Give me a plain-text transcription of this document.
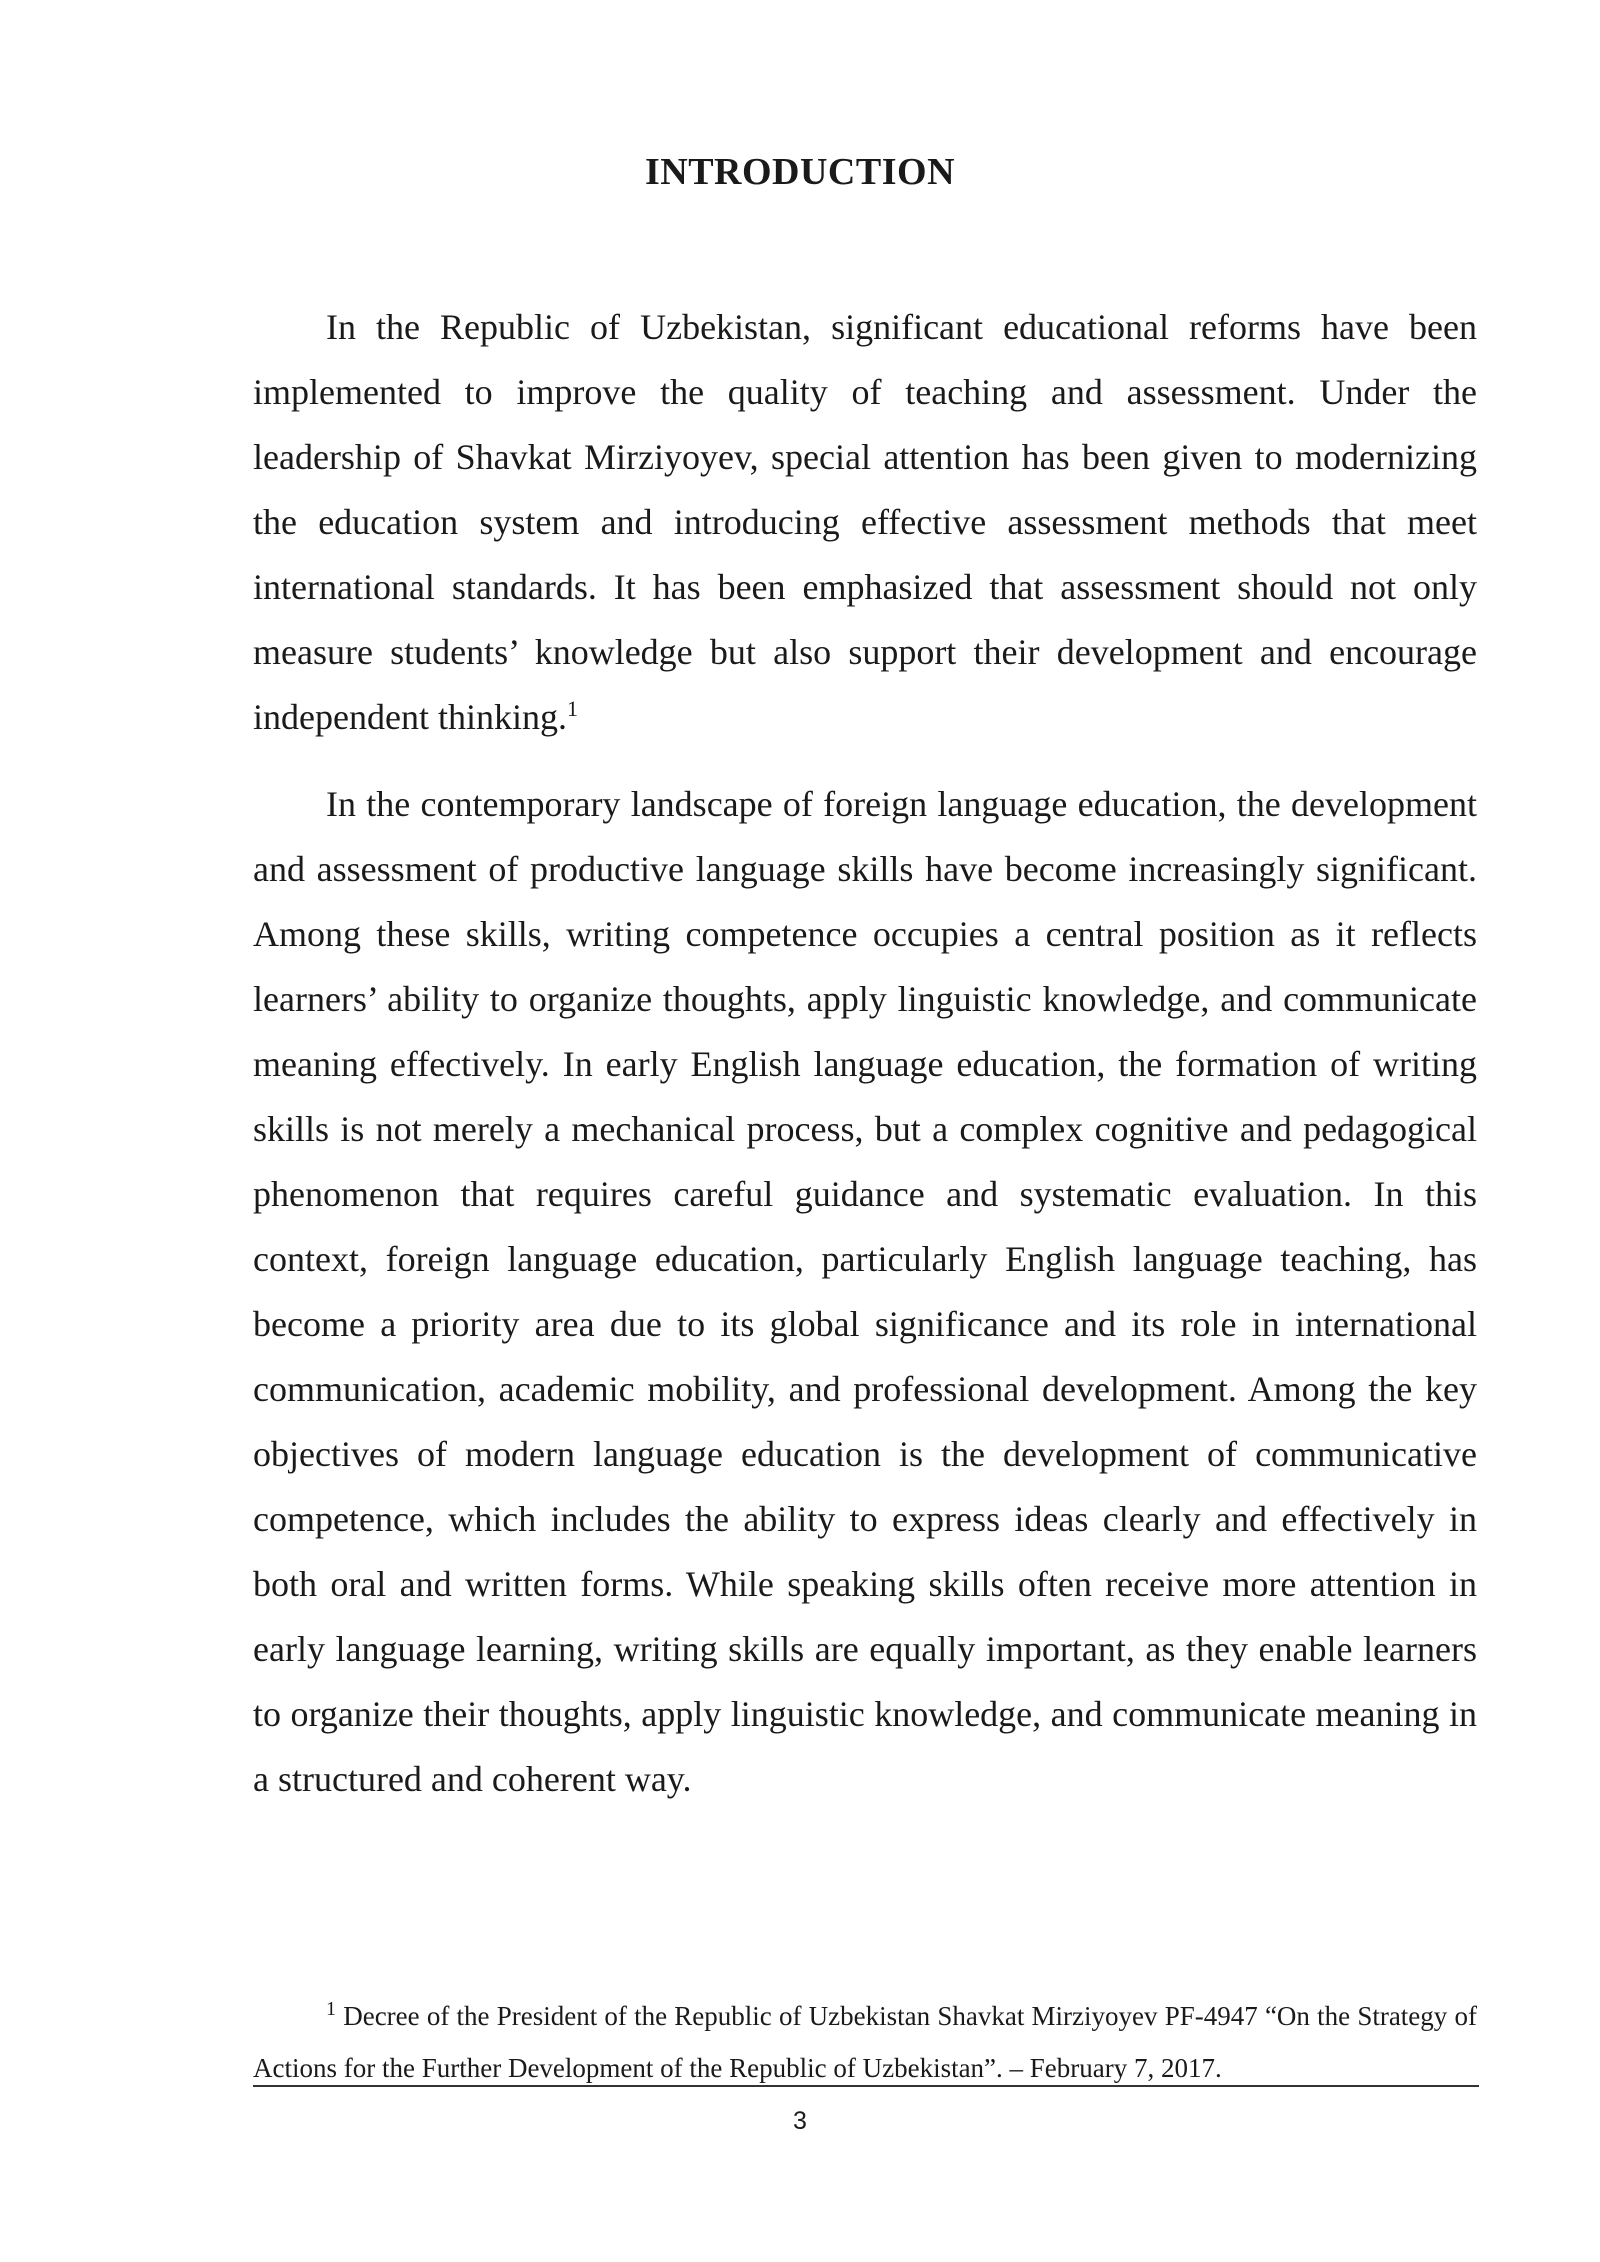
INTRODUCTION

In the Republic of Uzbekistan, significant educational reforms have been implemented to improve the quality of teaching and assessment. Under the leadership of Shavkat Mirziyoyev, special attention has been given to modernizing the education system and introducing effective assessment methods that meet international standards. It has been emphasized that assessment should not only measure students’ knowledge but also support their development and encourage independent thinking.$^1$

In the contemporary landscape of foreign language education, the development and assessment of productive language skills have become increasingly significant. Among these skills, writing competence occupies a central position as it reflects learners’ ability to organize thoughts, apply linguistic knowledge, and communicate meaning effectively. In early English language education, the formation of writing skills is not merely a mechanical process, but a complex cognitive and pedagogical phenomenon that requires careful guidance and systematic evaluation. In this context, foreign language education, particularly English language teaching, has become a priority area due to its global significance and its role in international communication, academic mobility, and professional development. Among the key objectives of modern language education is the development of communicative competence, which includes the ability to express ideas clearly and effectively in both oral and written forms. While speaking skills often receive more attention in early language learning, writing skills are equally important, as they enable learners to organize their thoughts, apply linguistic knowledge, and communicate meaning in a structured and coherent way.

$^1$ Decree of the President of the Republic of Uzbekistan Shavkat Mirziyoyev PF-4947 “On the Strategy of Actions for the Further Development of the Republic of Uzbekistan”. – February 7, 2017.

3
